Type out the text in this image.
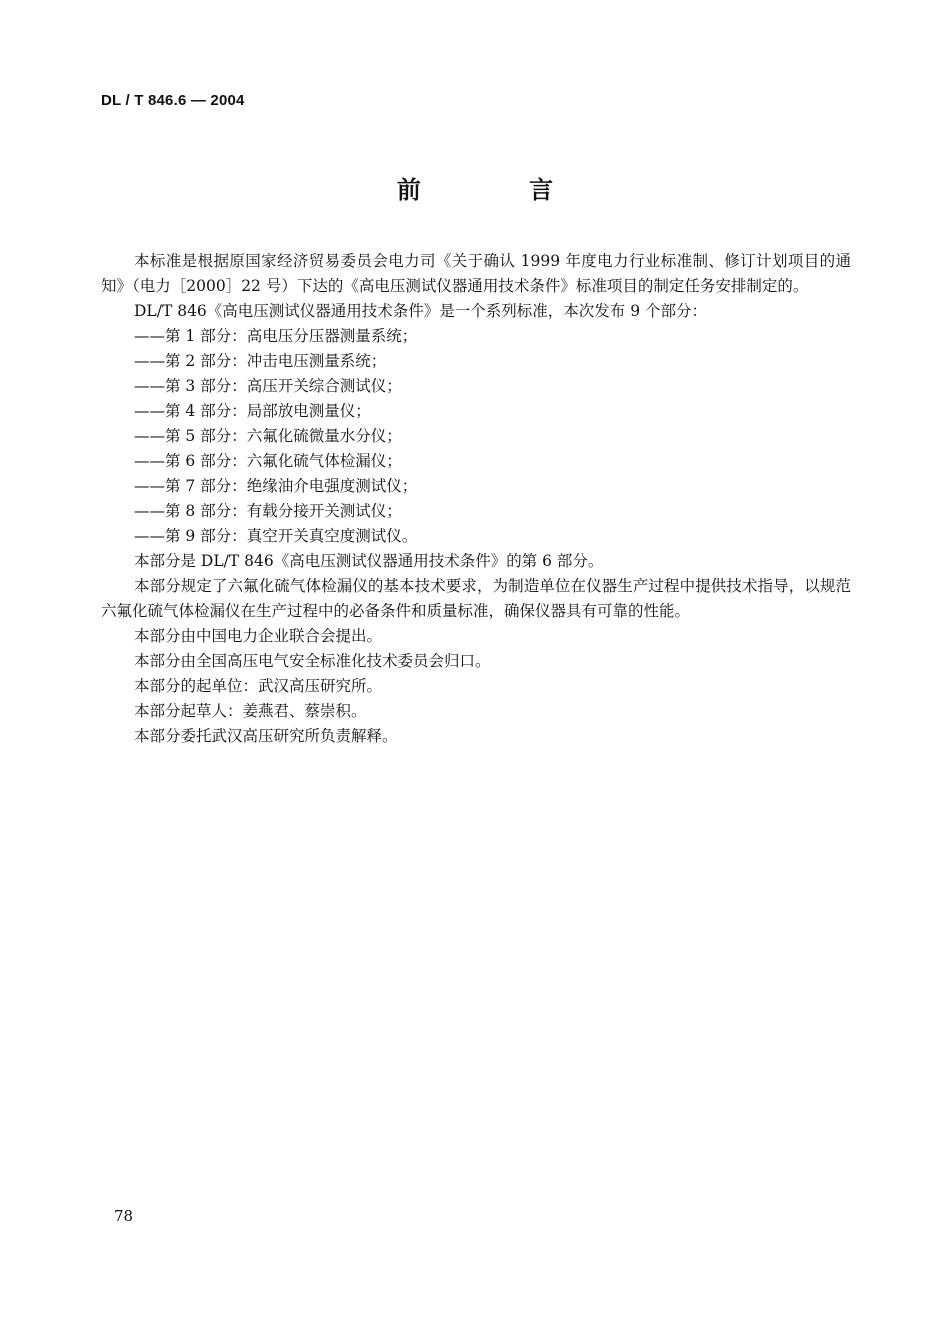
DL / T 846.6 — 2004
前 言

本标准是根据原国家经济贸易委员会电力司《关于确认 1999 年度电力行业标准制、修订计划项目的通知》（电力［2000］22 号）下达的《高电压测试仪器通用技术条件》标准项目的制定任务安排制定的。

DL/T 846《高电压测试仪器通用技术条件》是一个系列标准，本次发布 9 个部分：

——第 1 部分：高电压分压器测量系统；

——第 2 部分：冲击电压测量系统；

——第 3 部分：高压开关综合测试仪；

——第 4 部分：局部放电测量仪；

——第 5 部分：六氟化硫微量水分仪；

——第 6 部分：六氟化硫气体检漏仪；

——第 7 部分：绝缘油介电强度测试仪；

——第 8 部分：有载分接开关测试仪；

——第 9 部分：真空开关真空度测试仪。

本部分是 DL/T 846《高电压测试仪器通用技术条件》的第 6 部分。

本部分规定了六氟化硫气体检漏仪的基本技术要求，为制造单位在仪器生产过程中提供技术指导，以规范六氟化硫气体检漏仪在生产过程中的必备条件和质量标准，确保仪器具有可靠的性能。

本部分由中国电力企业联合会提出。

本部分由全国高压电气安全标准化技术委员会归口。

本部分的起单位：武汉高压研究所。

本部分起草人：姜燕君、蔡崇积。

本部分委托武汉高压研究所负责解释。

78
